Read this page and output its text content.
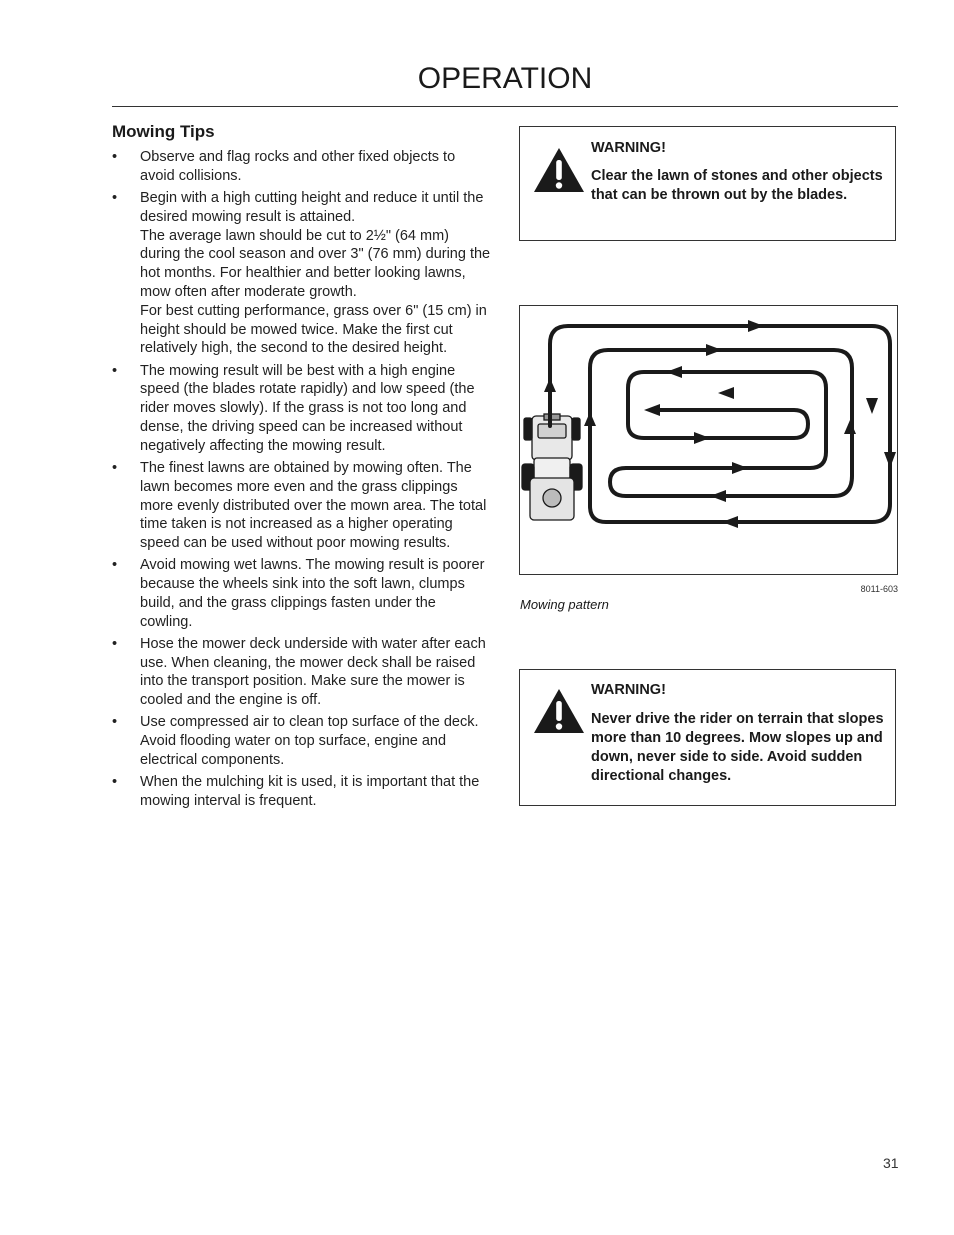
OPERATION
Mowing Tips
• Observe and flag rocks and other fixed objects to avoid collisions.

• Begin with a high cutting height and reduce it until the desired mowing result is attained.

The average lawn should be cut to 2½" (64 mm) during the cool season and over 3" (76 mm) during the hot months. For healthier and better looking lawns, mow often after moderate growth.

For best cutting performance, grass over 6" (15 cm) in height should be mowed twice. Make the first cut relatively high, the second to the desired height.

• The mowing result will be best with a high engine speed (the blades rotate rapidly) and low speed (the rider moves slowly). If the grass is not too long and dense, the driving speed can be increased without negatively affecting the mowing result.

• The finest lawns are obtained by mowing often. The lawn becomes more even and the grass clippings more evenly distributed over the mown area. The total time taken is not increased as a higher operating speed can be used without poor mowing results.

• Avoid mowing wet lawns. The mowing result is poorer because the wheels sink into the soft lawn, clumps build, and the grass clippings fasten under the cowling.

• Hose the mower deck underside with water after each use. When cleaning, the mower deck shall be raised into the transport position. Make sure the mower is cooled and the engine is off.

• Use compressed air to clean top surface of the deck. Avoid flooding water on top surface, engine and electrical components.

• When the mulching kit is used, it is important that the mowing interval is frequent.

WARNING!
Clear the lawn of stones and other objects that can be thrown out by the blades.
8011-603
Mowing pattern
WARNING!
Never drive the rider on terrain that slopes more than 10 degrees. Mow slopes up and down, never side to side. Avoid sudden directional changes.
31
